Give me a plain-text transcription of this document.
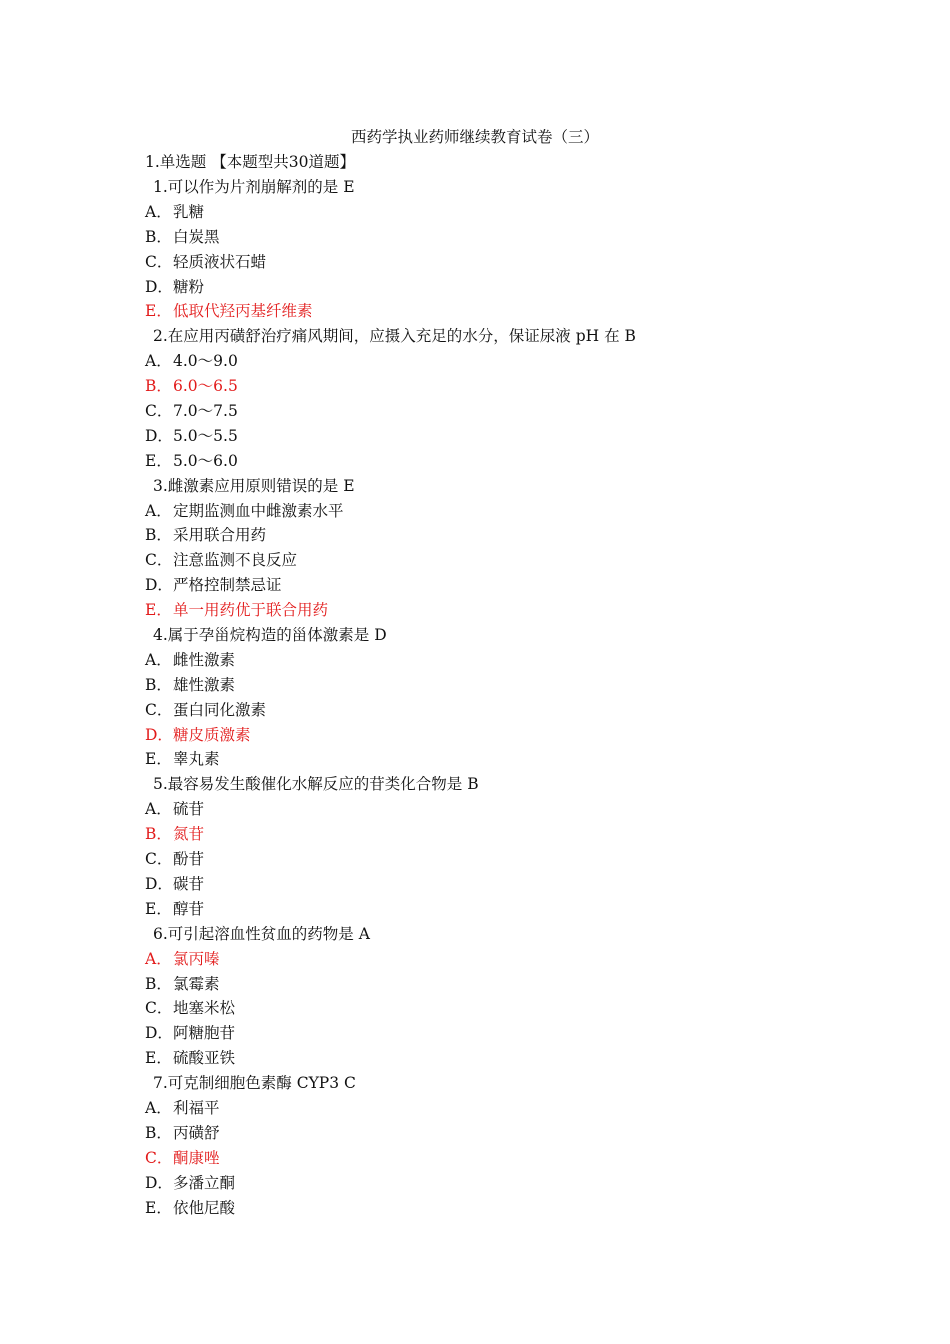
西药学执业药师继续教育试卷（三）
1.单选题 【本题型共30道题】
1.可以作为片剂崩解剂的是 E
A．乳糖
B．白炭黑
C．轻质液状石蜡
D．糖粉
E．低取代羟丙基纤维素
2.在应用丙磺舒治疗痛风期间，应摄入充足的水分，保证尿液 pH 在 B
A．4.0～9.0
B．6.0～6.5
C．7.0～7.5
D．5.0～5.5
E．5.0～6.0
3.雌激素应用原则错误的是 E
A．定期监测血中雌激素水平
B．采用联合用药
C．注意监测不良反应
D．严格控制禁忌证
E．单一用药优于联合用药
4.属于孕甾烷构造的甾体激素是 D
A．雌性激素
B．雄性激素
C．蛋白同化激素
D．糖皮质激素
E．睾丸素
5.最容易发生酸催化水解反应的苷类化合物是 B
A．硫苷
B．氮苷
C．酚苷
D．碳苷
E．醇苷
6.可引起溶血性贫血的药物是 A
A．氯丙嗪
B．氯霉素
C．地塞米松
D．阿糖胞苷
E．硫酸亚铁
7.可克制细胞色素酶 CYP3 C
A．利福平
B．丙磺舒
C．酮康唑
D．多潘立酮
E．依他尼酸
